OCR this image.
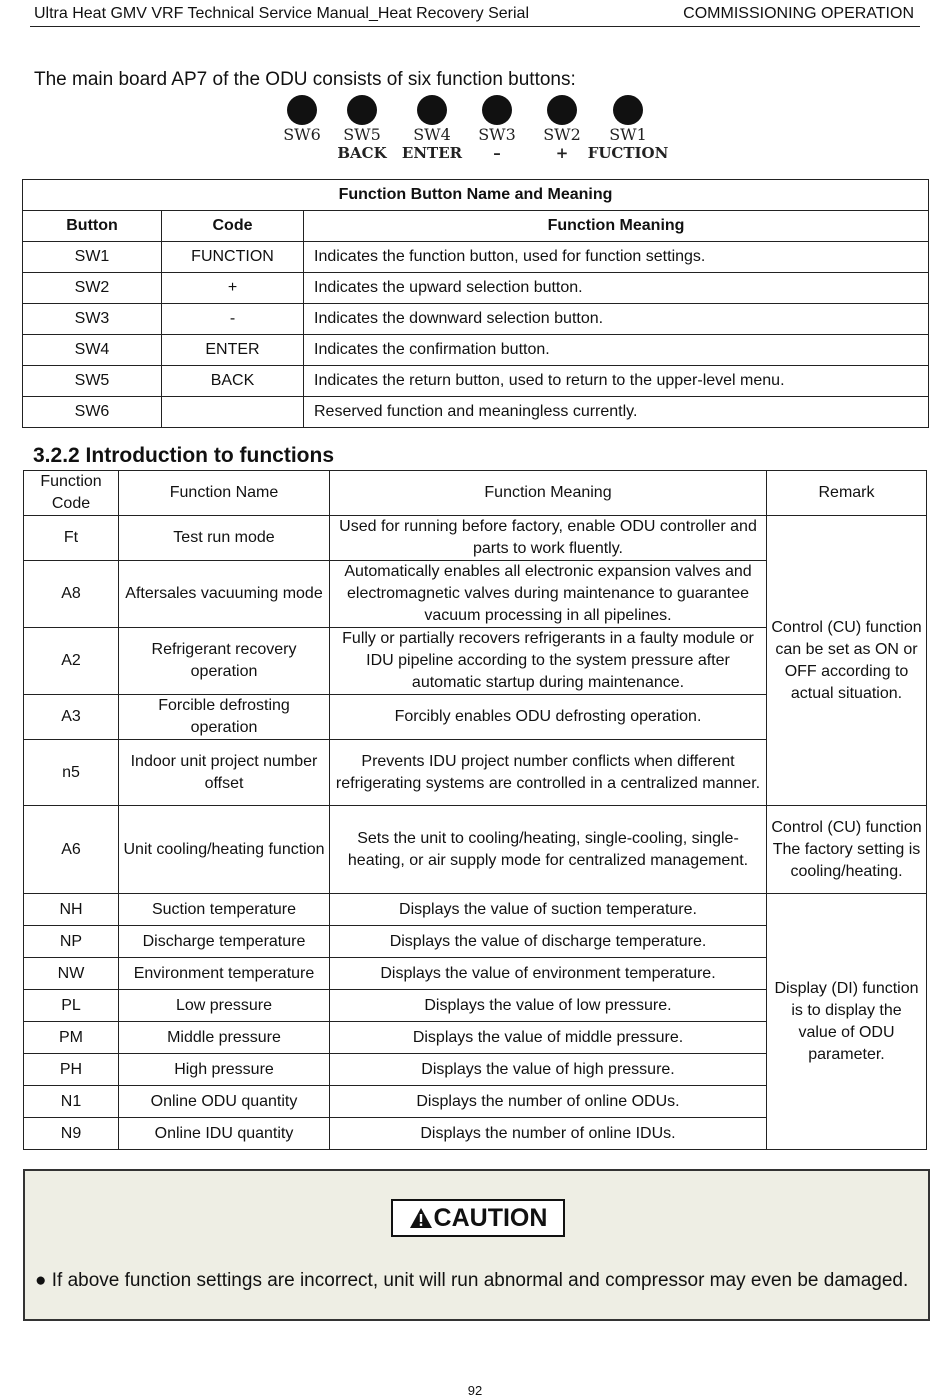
Ultra Heat GMV VRF Technical Service Manual_Heat Recovery Serial	COMMISSIONING OPERATION
The main board AP7 of the ODU consists of six function buttons:
SW6	SW5
BACK
SW4
ENTER
SW3
–
SW2
+
SW1
FUCTION
Function Button Name and Meaning		
Button	Code	Function Meaning
SW1	FUNCTION	Indicates the function button, used for function settings.
SW2	+	Indicates the upward selection button.
SW3	-	Indicates the downward selection button.
SW4	ENTER	Indicates the confirmation button.
SW5	BACK	Indicates the return button, used to return to the upper-level menu.
SW6		Reserved function and meaningless currently.
3.2.2 Introduction to functions
Function Code	Function Name	Function Meaning	Remark
Ft	Test run mode	Used for running before factory, enable ODU controller and parts to work fluently.	Control (CU) function can be set as ON or OFF according to actual situation.
A8	Aftersales vacuuming mode	Automatically enables all electronic expansion valves and electromagnetic valves during maintenance to guarantee vacuum processing in all pipelines.	
A2	Refrigerant recovery operation	Fully or partially recovers refrigerants in a faulty module or IDU pipeline according to the system pressure after automatic startup during maintenance.	
A3	Forcible defrosting operation	Forcibly enables ODU defrosting operation.	
n5	Indoor unit project number offset	Prevents IDU project number conflicts when different refrigerating systems are controlled in a centralized manner.	
A6	Unit cooling/heating function	Sets the unit to cooling/heating, single-cooling, single-heating, or air supply mode for centralized management.	Control (CU) function The factory setting is cooling/heating.
NH	Suction temperature	Displays the value of suction temperature.	Display (DI) function is to display the value of ODU parameter.
NP	Discharge temperature	Displays the value of discharge temperature.	
NW	Environment temperature	Displays the value of environment temperature.	
PL	Low pressure	Displays the value of low pressure.	
PM	Middle pressure	Displays the value of middle pressure.	
PH	High pressure	Displays the value of high pressure.	
N1	Online ODU quantity	Displays the number of online ODUs.	
N9	Online IDU quantity	Displays the number of online IDUs.	
CAUTION
● If above function settings are incorrect, unit will run abnormal and compressor may even be damaged.
92
